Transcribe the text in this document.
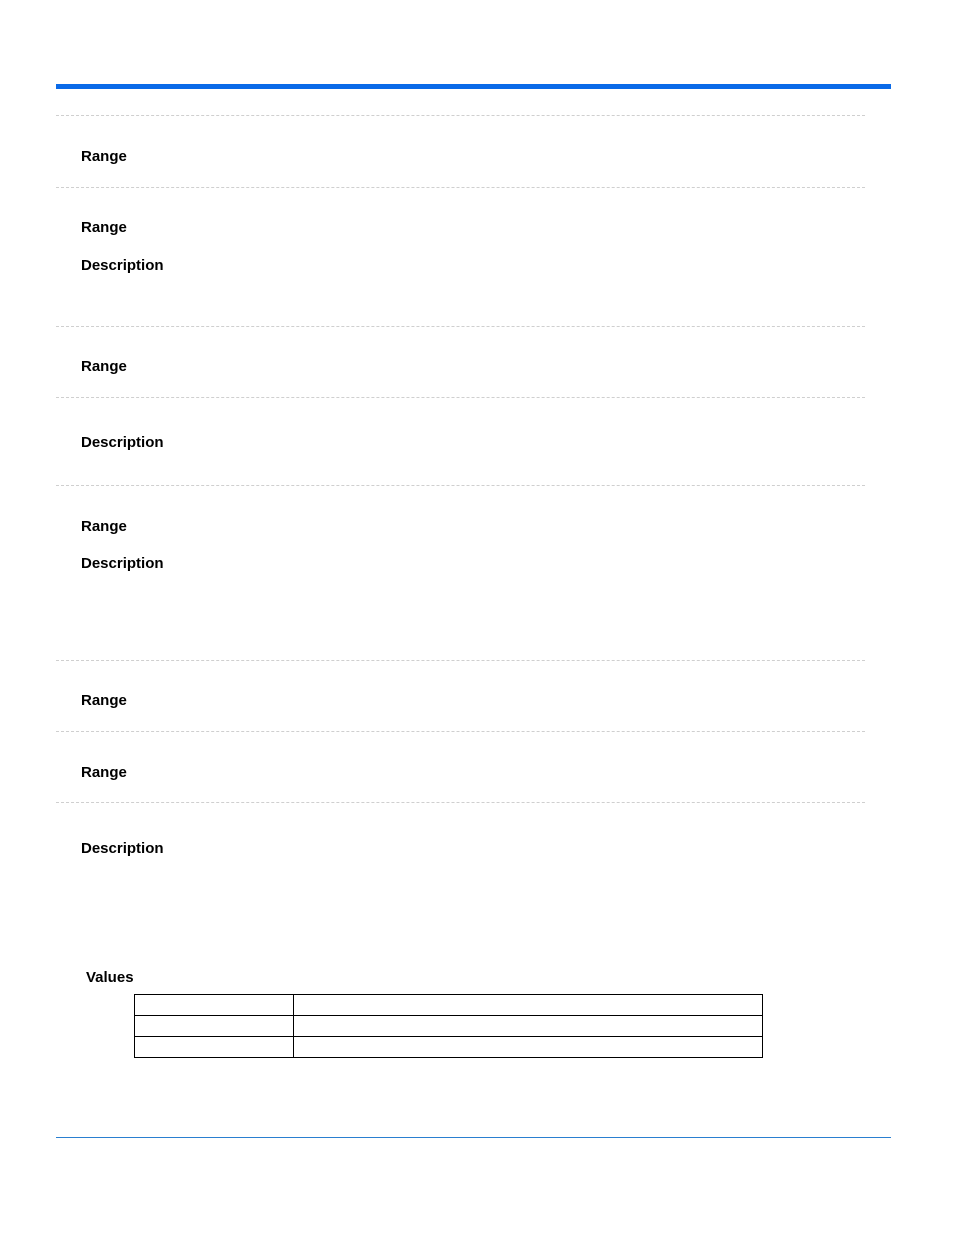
Range
Range
Description
Range
Description
Range
Description
Range
Range
Description
Values
